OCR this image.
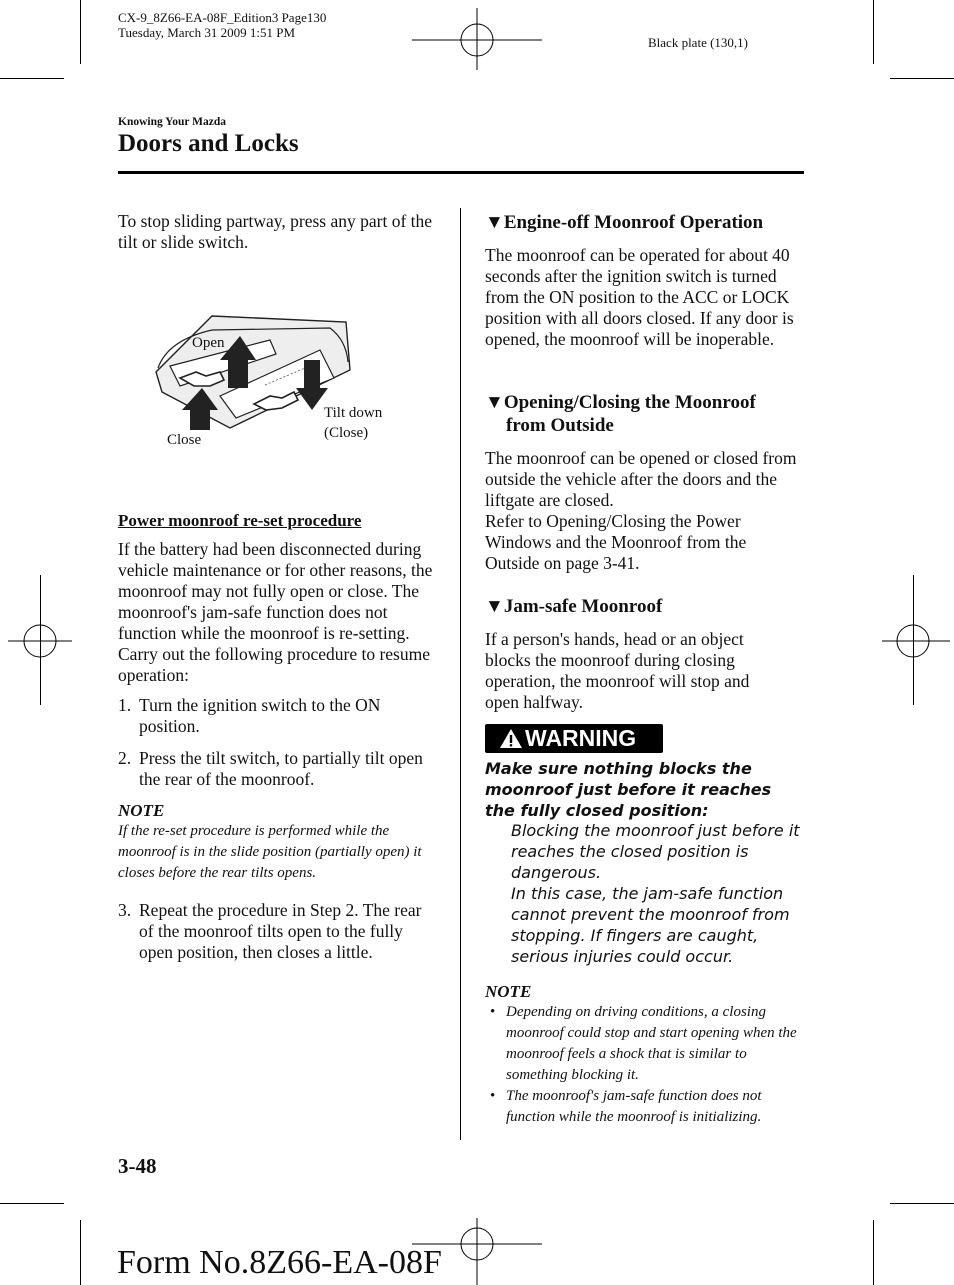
CX-9_8Z66-EA-08F_Edition3 Page130
Tuesday, March 31 2009 1:51 PM
Black plate (130,1)
Knowing Your Mazda
Doors and Locks
To stop sliding partway, press any part of the tilt or slide switch.
Open
Close
Tilt down
(Close)
Power moonroof re-set procedure
If the battery had been disconnected during vehicle maintenance or for other reasons, the moonroof may not fully open or close. The moonroof's jam-safe function does not function while the moonroof is re-setting. Carry out the following procedure to resume operation:
1. Turn the ignition switch to the ON position.
2. Press the tilt switch, to partially tilt open the rear of the moonroof.
NOTE
If the re-set procedure is performed while the moonroof is in the slide position (partially open) it closes before the rear tilts opens.
3. Repeat the procedure in Step 2. The rear of the moonroof tilts open to the fully open position, then closes a little.
▼Engine-off Moonroof Operation
The moonroof can be operated for about 40 seconds after the ignition switch is turned from the ON position to the ACC or LOCK position with all doors closed. If any door is opened, the moonroof will be inoperable.
▼Opening/Closing the Moonroof
from Outside
The moonroof can be opened or closed from outside the vehicle after the doors and the liftgate are closed.
Refer to Opening/Closing the Power Windows and the Moonroof from the Outside on page 3-41.
▼Jam-safe Moonroof
If a person's hands, head or an object blocks the moonroof during closing operation, the moonroof will stop and open halfway.
WARNING
Make sure nothing blocks the moonroof just before it reaches the fully closed position:
Blocking the moonroof just before it reaches the closed position is dangerous.
In this case, the jam-safe function cannot prevent the moonroof from stopping. If fingers are caught, serious injuries could occur.
NOTE
• Depending on driving conditions, a closing moonroof could stop and start opening when the moonroof feels a shock that is similar to something blocking it.
• The moonroof's jam-safe function does not function while the moonroof is initializing.
3-48
Form No.8Z66-EA-08F
